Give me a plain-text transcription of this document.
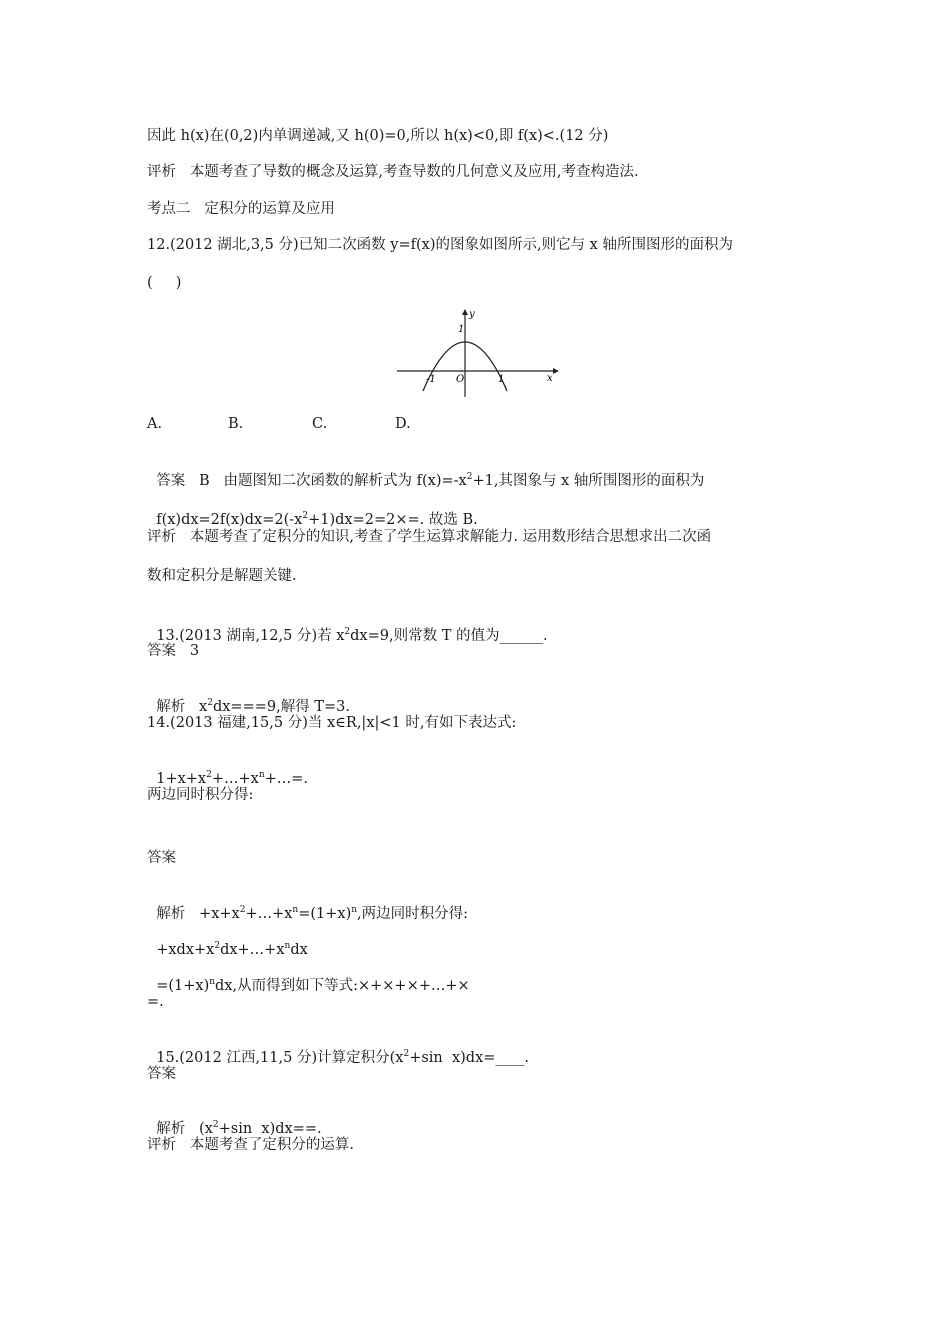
因此 h(x)在(0,2)内单调递减,又 h(0)=0,所以 h(x)<0,即 f(x)<.(12 分)
评析   本题考查了导数的概念及运算,考查导数的几何意义及应用,考查构造法.
考点二   定积分的运算及应用
12.(2012 湖北,3,5 分)已知二次函数 y=f(x)的图象如图所示,则它与 x 轴所围图形的面积为
(     )
y
x
O
1
-1	1
A.	B.	C.	D.

答案   B   由题图知二次函数的解析式为 $f(x)=-x^2+1$,其图象与 x 轴所围图形的面积为

$f(x)dx=2f(x)dx=2(-x^2+1)dx=2=2\times=$. 故选 B.

评析   本题考查了定积分的知识,考查了学生运算求解能力. 运用数形结合思想求出二次函
数和定积分是解题关键.

13.(2013 湖南,12,5 分)若 $x^2dx=9$,则常数 T 的值为______.

答案   3

解析   $x^2dx===9$,解得 T=3.

14.(2013 福建,15,5 分)当 x∈R,|x|<1 时,有如下表达式:

$1+x+x^2+\dots+x^n+\dots=$.

两边同时积分得:
答案

解析   $+x+x^2+\dots+x^n=(1+x)^n$,两边同时积分得:

$+xdx+x^2dx+\dots+x^ndx$

$=(1+x)^ndx$,从而得到如下等式:×+×+×+…+×

=.

15.(2012 江西,11,5 分)计算定积分($x^2+\sin$  x)dx=____.

答案

解析   ($x^2+\sin$  x)dx==.

评析   本题考查了定积分的运算.
